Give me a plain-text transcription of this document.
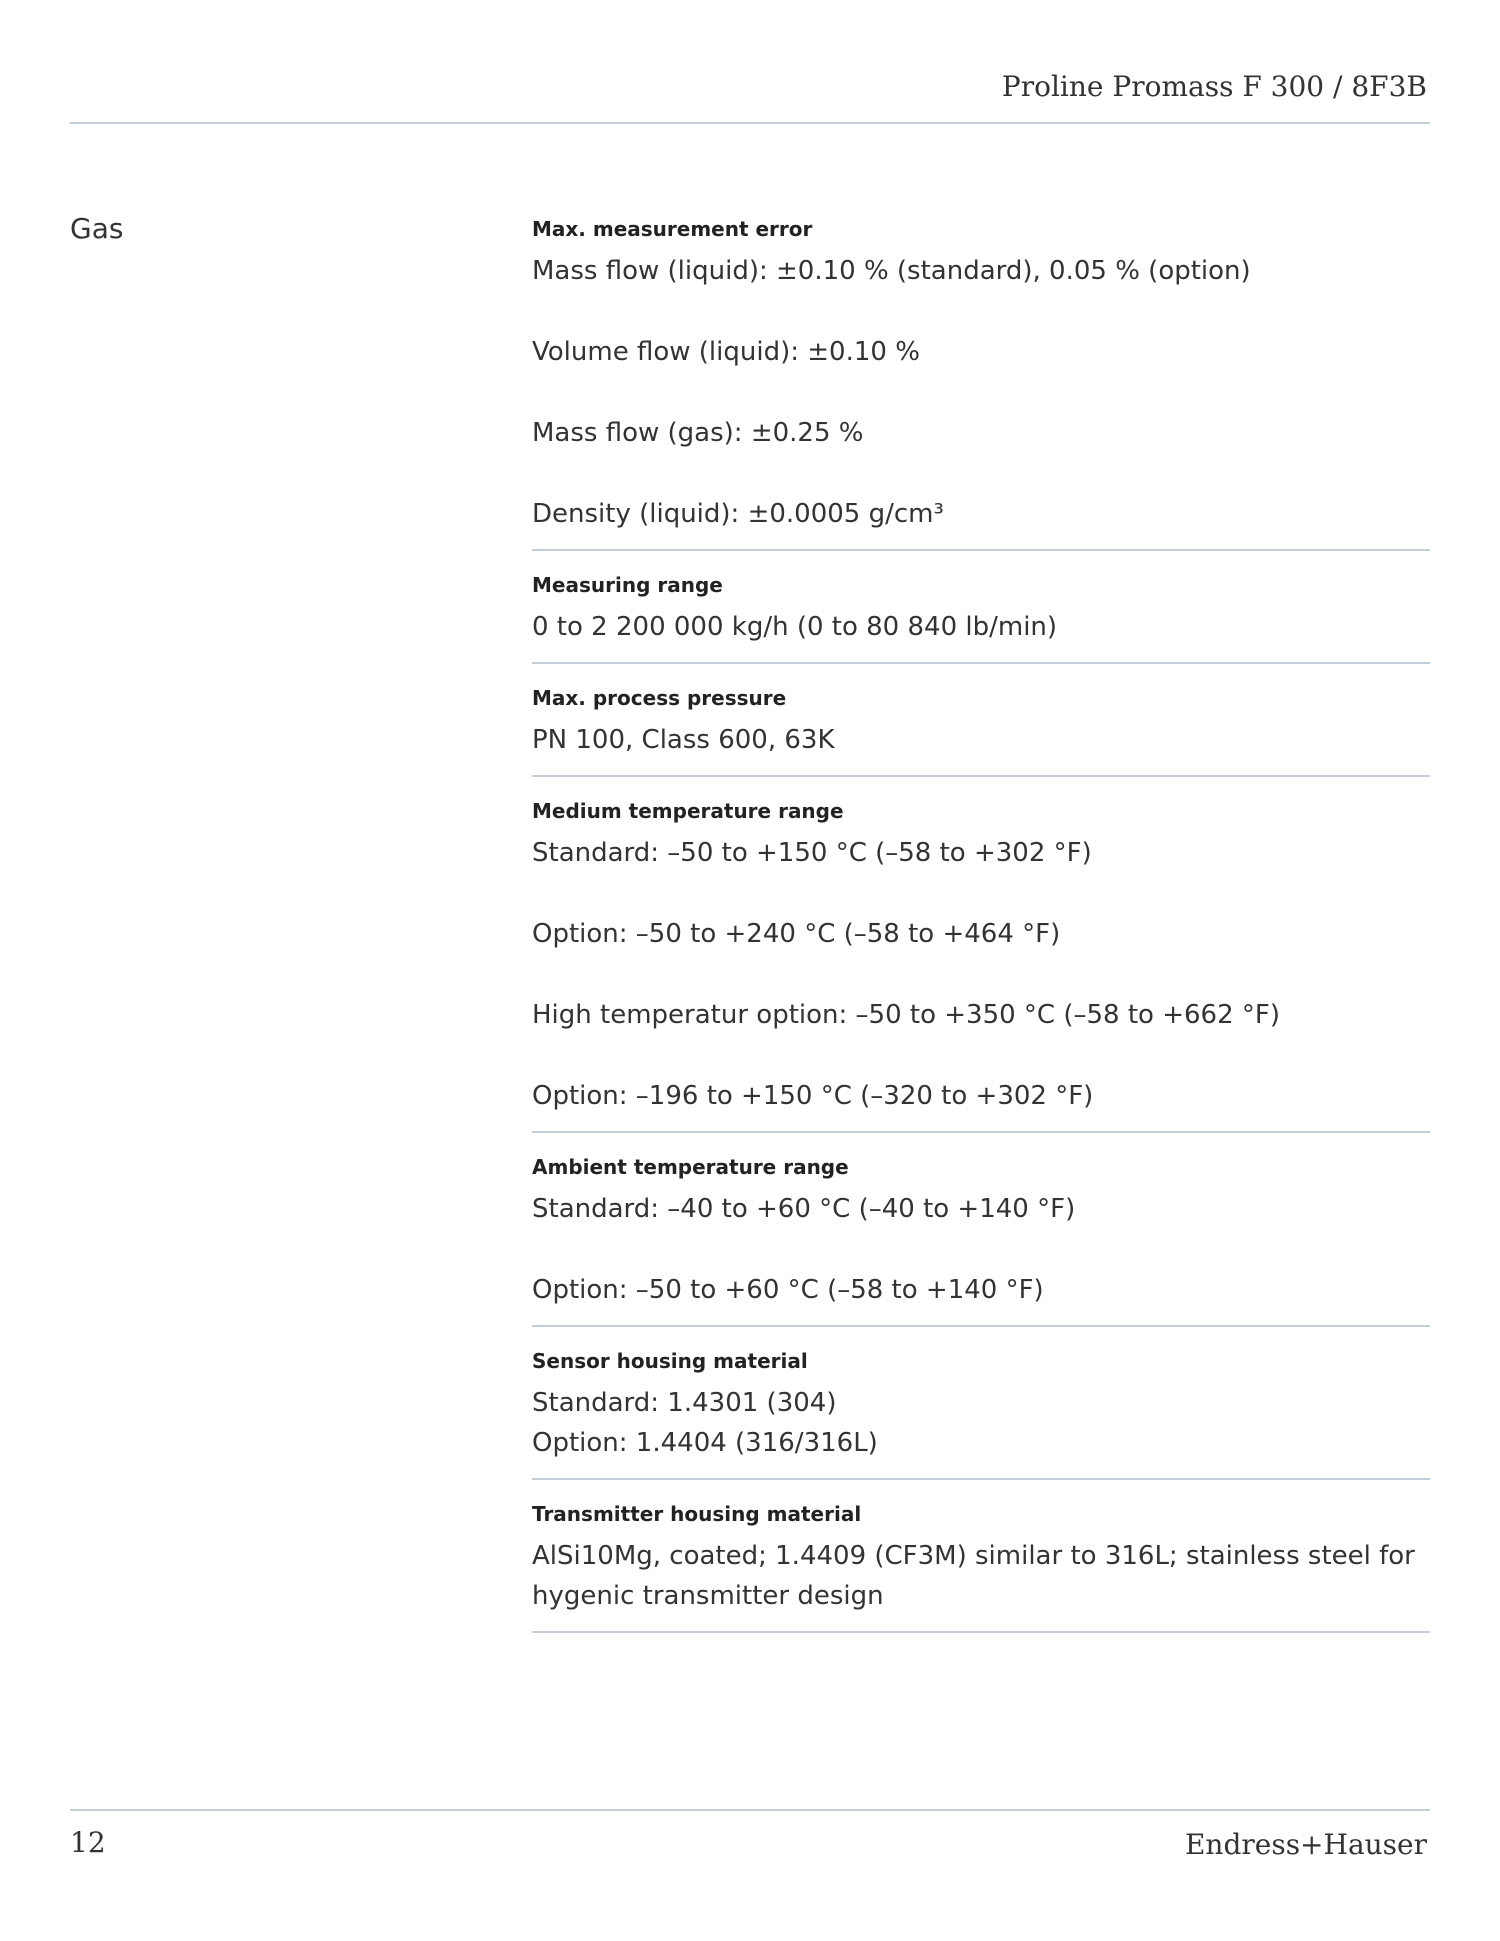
Proline Promass F 300 / 8F3B
Gas	Max. measurement error
Mass flow (liquid): ±0.10 % (standard), 0.05 % (option)
Volume flow (liquid): ±0.10 %
Mass flow (gas): ±0.25 %
Density (liquid): ±0.0005 g/cm³
Measuring range
0 to 2 200 000 kg/h (0 to 80 840 lb/min)
Max. process pressure
PN 100, Class 600, 63K
Medium temperature range
Standard: –50 to +150 °C (–58 to +302 °F)
Option: –50 to +240 °C (–58 to +464 °F)
High temperatur option: –50 to +350 °C (–58 to +662 °F)
Option: –196 to +150 °C (–320 to +302 °F)
Ambient temperature range
Standard: –40 to +60 °C (–40 to +140 °F)
Option: –50 to +60 °C (–58 to +140 °F)
Sensor housing material
Standard: 1.4301 (304)
Option: 1.4404 (316/316L)
Transmitter housing material
AlSi10Mg, coated; 1.4409 (CF3M) similar to 316L; stainless steel for hygenic transmitter design
12	Endress+Hauser
